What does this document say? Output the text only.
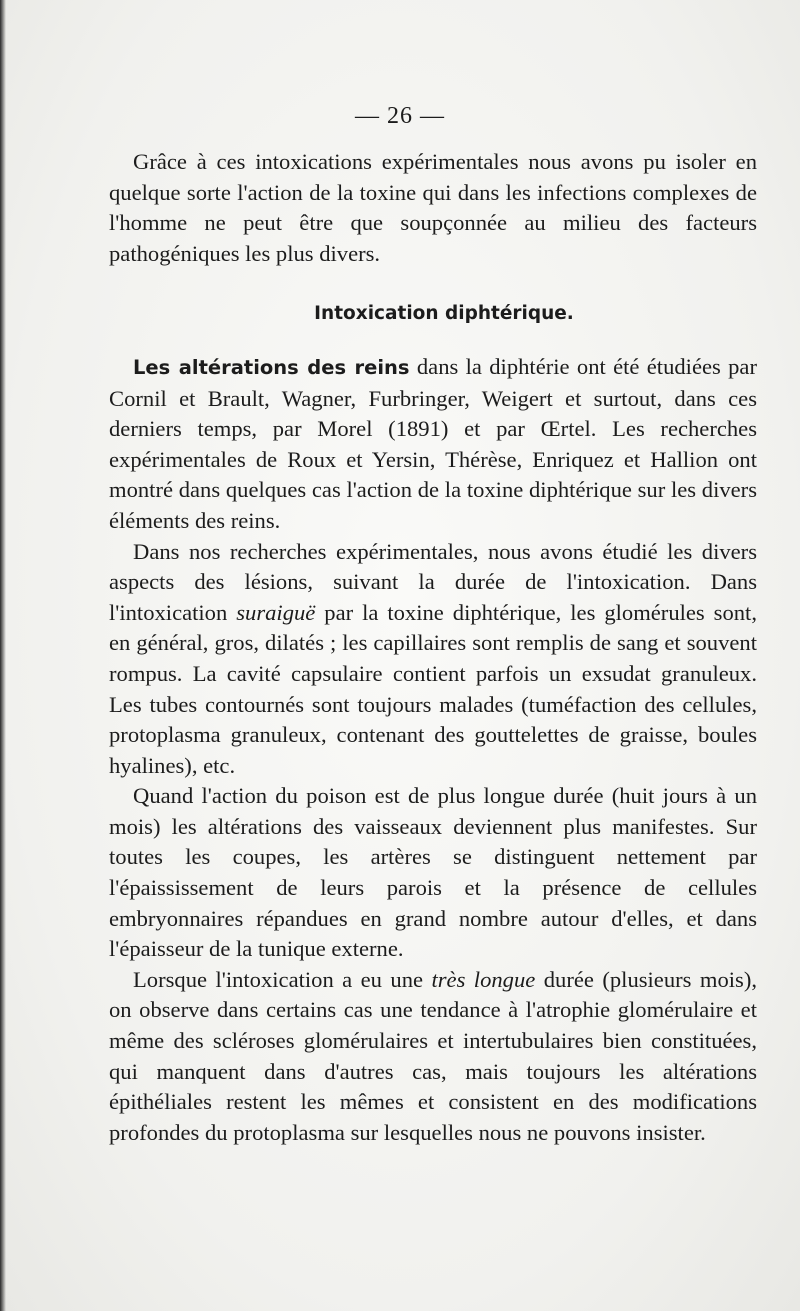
— 26 —

Grâce à ces intoxications expérimentales nous avons pu isoler en quelque sorte l'action de la toxine qui dans les infections complexes de l'homme ne peut être que soupçonnée au milieu des facteurs pathogéniques les plus divers.

Intoxication diphtérique.

Les altérations des reins dans la diphtérie ont été étudiées par Cornil et Brault, Wagner, Furbringer, Weigert et surtout, dans ces derniers temps, par Morel (1891) et par Œrtel. Les recherches expérimentales de Roux et Yersin, Thérèse, Enriquez et Hallion ont montré dans quelques cas l'action de la toxine diphtérique sur les divers éléments des reins.

Dans nos recherches expérimentales, nous avons étudié les divers aspects des lésions, suivant la durée de l'intoxication. Dans l'intoxication suraiguë par la toxine diphtérique, les glomérules sont, en général, gros, dilatés ; les capillaires sont remplis de sang et souvent rompus. La cavité capsulaire contient parfois un exsudat granuleux. Les tubes contournés sont toujours malades (tuméfaction des cellules, protoplasma granuleux, contenant des gouttelettes de graisse, boules hyalines), etc.

Quand l'action du poison est de plus longue durée (huit jours à un mois) les altérations des vaisseaux deviennent plus manifestes. Sur toutes les coupes, les artères se distinguent nettement par l'épaississement de leurs parois et la présence de cellules embryonnaires répandues en grand nombre autour d'elles, et dans l'épaisseur de la tunique externe.

Lorsque l'intoxication a eu une très longue durée (plusieurs mois), on observe dans certains cas une tendance à l'atrophie glomérulaire et même des scléroses glomérulaires et intertubulaires bien constituées, qui manquent dans d'autres cas, mais toujours les altérations épithéliales restent les mêmes et consistent en des modifications profondes du protoplasma sur lesquelles nous ne pouvons insister.
